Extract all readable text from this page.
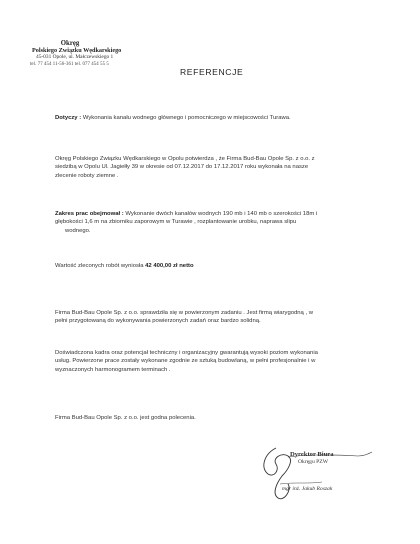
Okręg
Polskiego Związku Wędkarskiego
45-031 Opole, ul. Małczewskiego 1
tel. 77 454 11-56-361 tel. 077 454 55 5
REFERENCJE
Dotyczy : Wykonania kanału wodnego głównego i pomocniczego w miejscowości Turawa.
Okręg Polskiego Związku Wędkarskiego w Opolu potwierdza , że Firma Bud-Bau Opole Sp. z o.o. z
siedzibą w Opolu Ul. Jagiełły 39 w okresie od 07.12.2017 do 17.12.2017 roku wykonała na nasze
zlecenie roboty ziemne .
Zakres prac obejmował : Wykonanie dwóch kanałów wodnych 190 mb i 140 mb o szerokości 18m i
głębokości 1,6 m na zbiorniku zaporowym w Turawie , rozplantowanie urobku, naprawa slipu
wodnego.
Wartość zleconych robót wyniosła 42 400,00 zł netto
Firma Bud-Bau Opole Sp. z o.o. sprawdziła się w powierzonym zadaniu . Jest firmą wiarygodną , w
pełni przygotowaną do wykonywania powierzonych zadań oraz bardzo solidną.
Doświadczona kadra oraz potencjał techniczny i organizacyjny gwarantują wysoki poziom wykonania
usług. Powierzone prace zostały wykonane zgodnie ze sztuką budowlaną, w pełni profesjonalnie i w
wyznaczonych harmonogramem terminach .
Firma Bud-Bau Opole Sp. z o.o. jest godna polecenia.
Dyrektor Biura
Okręgu PZW
mgr inż. Jakub Roszak
